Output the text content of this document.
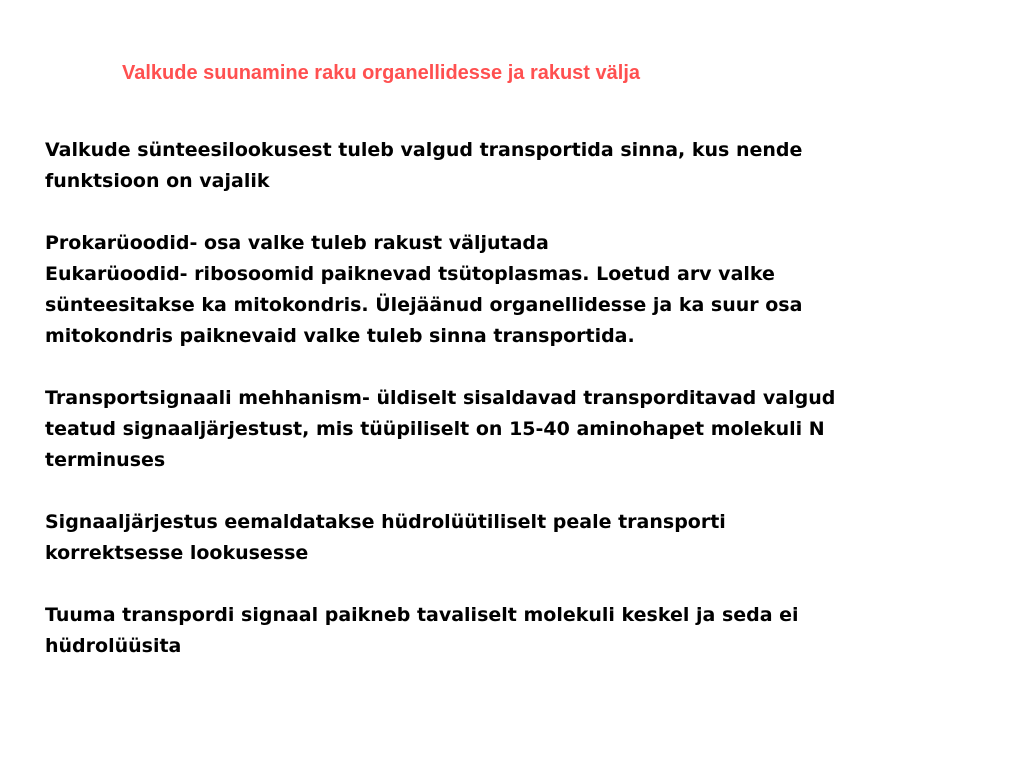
Valkude suunamine raku organellidesse ja rakust välja

Valkude sünteesilookusest tuleb valgud transportida sinna, kus nende
funktsioon on vajalik

Prokarüoodid- osa valke tuleb rakust väljutada
Eukarüoodid- ribosoomid paiknevad tsütoplasmas. Loetud arv valke
sünteesitakse ka mitokondris. Ülejäänud organellidesse ja ka suur osa
mitokondris paiknevaid valke tuleb sinna transportida.

Transportsignaali mehhanism- üldiselt sisaldavad transporditavad valgud
teatud signaaljärjestust, mis tüüpiliselt on 15-40 aminohapet molekuli N
terminuses

Signaaljärjestus eemaldatakse hüdrolüütiliselt peale transporti
korrektsesse lookusesse

Tuuma transpordi signaal paikneb tavaliselt molekuli keskel ja seda ei
hüdrolüüsita
